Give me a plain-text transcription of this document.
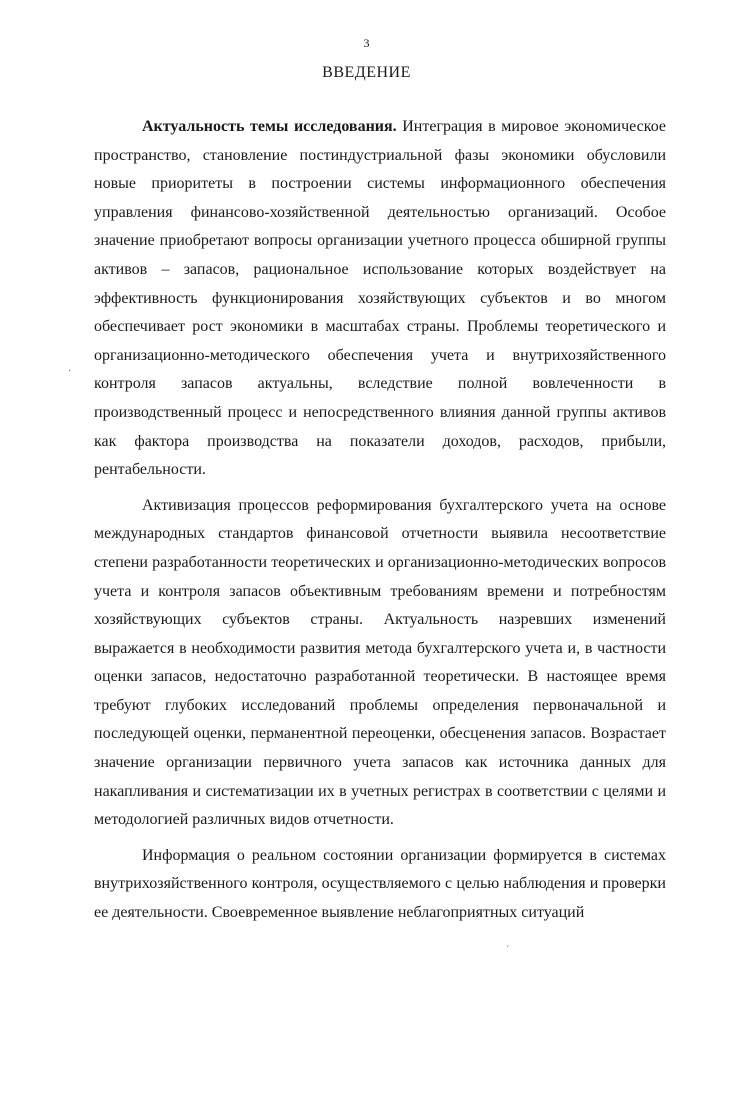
3
ВВЕДЕНИЕ

Актуальность темы исследования. Интеграция в мировое экономическое пространство, становление постиндустриальной фазы экономики обусловили новые приоритеты в построении системы информационного обеспечения управления финансово-хозяйственной деятельностью организаций. Особое значение приобретают вопросы организации учетного процесса обширной группы активов – запасов, рациональное использование которых воздействует на эффективность функционирования хозяйствующих субъектов и во многом обеспечивает рост экономики в масштабах страны. Проблемы теоретического и организационно-методического обеспечения учета и внутрихозяйственного контроля запасов актуальны, вследствие полной вовлеченности в производственный процесс и непосредственного влияния данной группы активов как фактора производства на показатели доходов, расходов, прибыли, рентабельности.

Активизация процессов реформирования бухгалтерского учета на основе международных стандартов финансовой отчетности выявила несоответствие степени разработанности теоретических и организационно-методических вопросов учета и контроля запасов объективным требованиям времени и потребностям хозяйствующих субъектов страны. Актуальность назревших изменений выражается в необходимости развития метода бухгалтерского учета и, в частности оценки запасов, недостаточно разработанной теоретически. В настоящее время требуют глубоких исследований проблемы определения первоначальной и последующей оценки, перманентной переоценки, обесценения запасов. Возрастает значение организации первичного учета запасов как источника данных для накапливания и систематизации их в учетных регистрах в соответствии с целями и методологией различных видов отчетности.

Информация о реальном состоянии организации формируется в системах внутрихозяйственного контроля, осуществляемого с целью наблюдения и проверки ее деятельности. Своевременное выявление неблагоприятных ситуаций

·
ˊ
